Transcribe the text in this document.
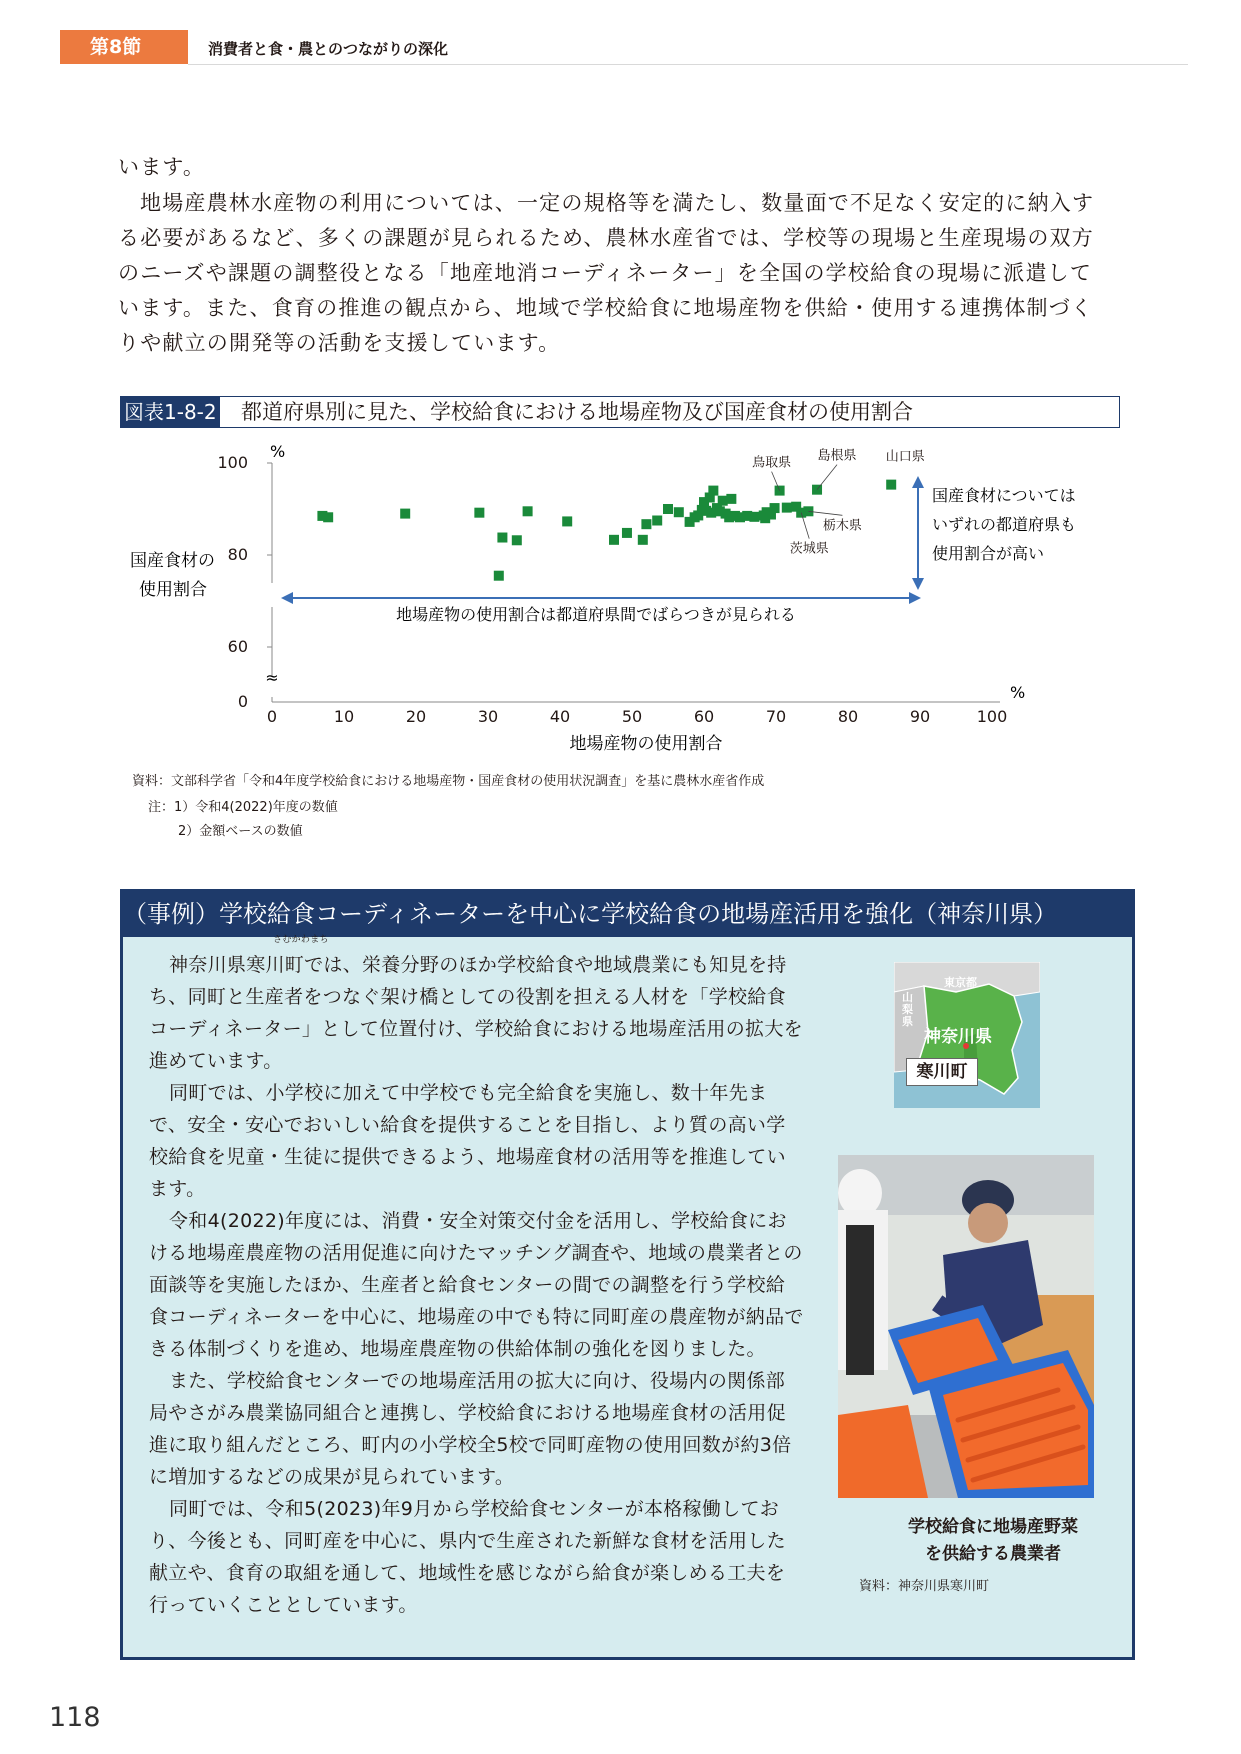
第8節	消費者と食・農とのつながりの深化
います。
地場産農林水産物の利用については、一定の規格等を満たし、数量面で不足なく安定的に納入する必要があるなど、多くの課題が見られるため、農林水産省では、学校等の現場と生産現場の双方のニーズや課題の調整役となる「地産地消コーディネーター」を全国の学校給食の現場に派遣しています。また、食育の推進の観点から、地域で学校給食に地場産物を供給・使用する連携体制づくりや献立の開発等の活動を支援しています。
図表1-8-2 都道府県別に見た、学校給食における地場産物及び国産食材の使用割合
100
80
60
0
0	10	20	30	40	50	60	70	80	90	100
≈
%
%
地場産物の使用割合
国産食材の
使用割合
鳥取県 島根県 山口県
栃木県
茨城県
地場産物の使用割合は都道府県間でばらつきが見られる
国産食材については
いずれの都道府県も
使用割合が高い
資料：文部科学省「令和4年度学校給食における地場産物・国産食材の使用状況調査」を基に農林水産省作成
注：1）令和4(2022)年度の数値
2）金額ベースの数値
（事例）学校給食コーディネーターを中心に学校給食の地場産活用を強化（神奈川県）
さむかわまち

神奈川県寒川町では、栄養分野のほか学校給食や地域農業にも知見を持ち、同町と生産者をつなぐ架け橋としての役割を担える人材を「学校給食コーディネーター」として位置付け、学校給食における地場産活用の拡大を進めています。

同町では、小学校に加えて中学校でも完全給食を実施し、数十年先まで、安全・安心でおいしい給食を提供することを目指し、より質の高い学校給食を児童・生徒に提供できるよう、地場産食材の活用等を推進しています。

令和4(2022)年度には、消費・安全対策交付金を活用し、学校給食における地場産農産物の活用促進に向けたマッチング調査や、地域の農業者との面談等を実施したほか、生産者と給食センターの間での調整を行う学校給食コーディネーターを中心に、地場産の中でも特に同町産の農産物が納品できる体制づくりを進め、地場産農産物の供給体制の強化を図りました。

また、学校給食センターでの地場産活用の拡大に向け、役場内の関係部局やさがみ農業協同組合と連携し、学校給食における地場産食材の活用促進に取り組んだところ、町内の小学校全5校で同町産物の使用回数が約3倍に増加するなどの成果が見られています。

同町では、令和5(2023)年9月から学校給食センターが本格稼働しており、今後とも、同町産を中心に、県内で生産された新鮮な食材を活用した献立や、食育の取組を通して、地域性を感じながら給食が楽しめる工夫を行っていくこととしています。

東京都
山梨県
神奈川県
寒川町
学校給食に地場産野菜
を供給する農業者
資料：神奈川県寒川町
118
